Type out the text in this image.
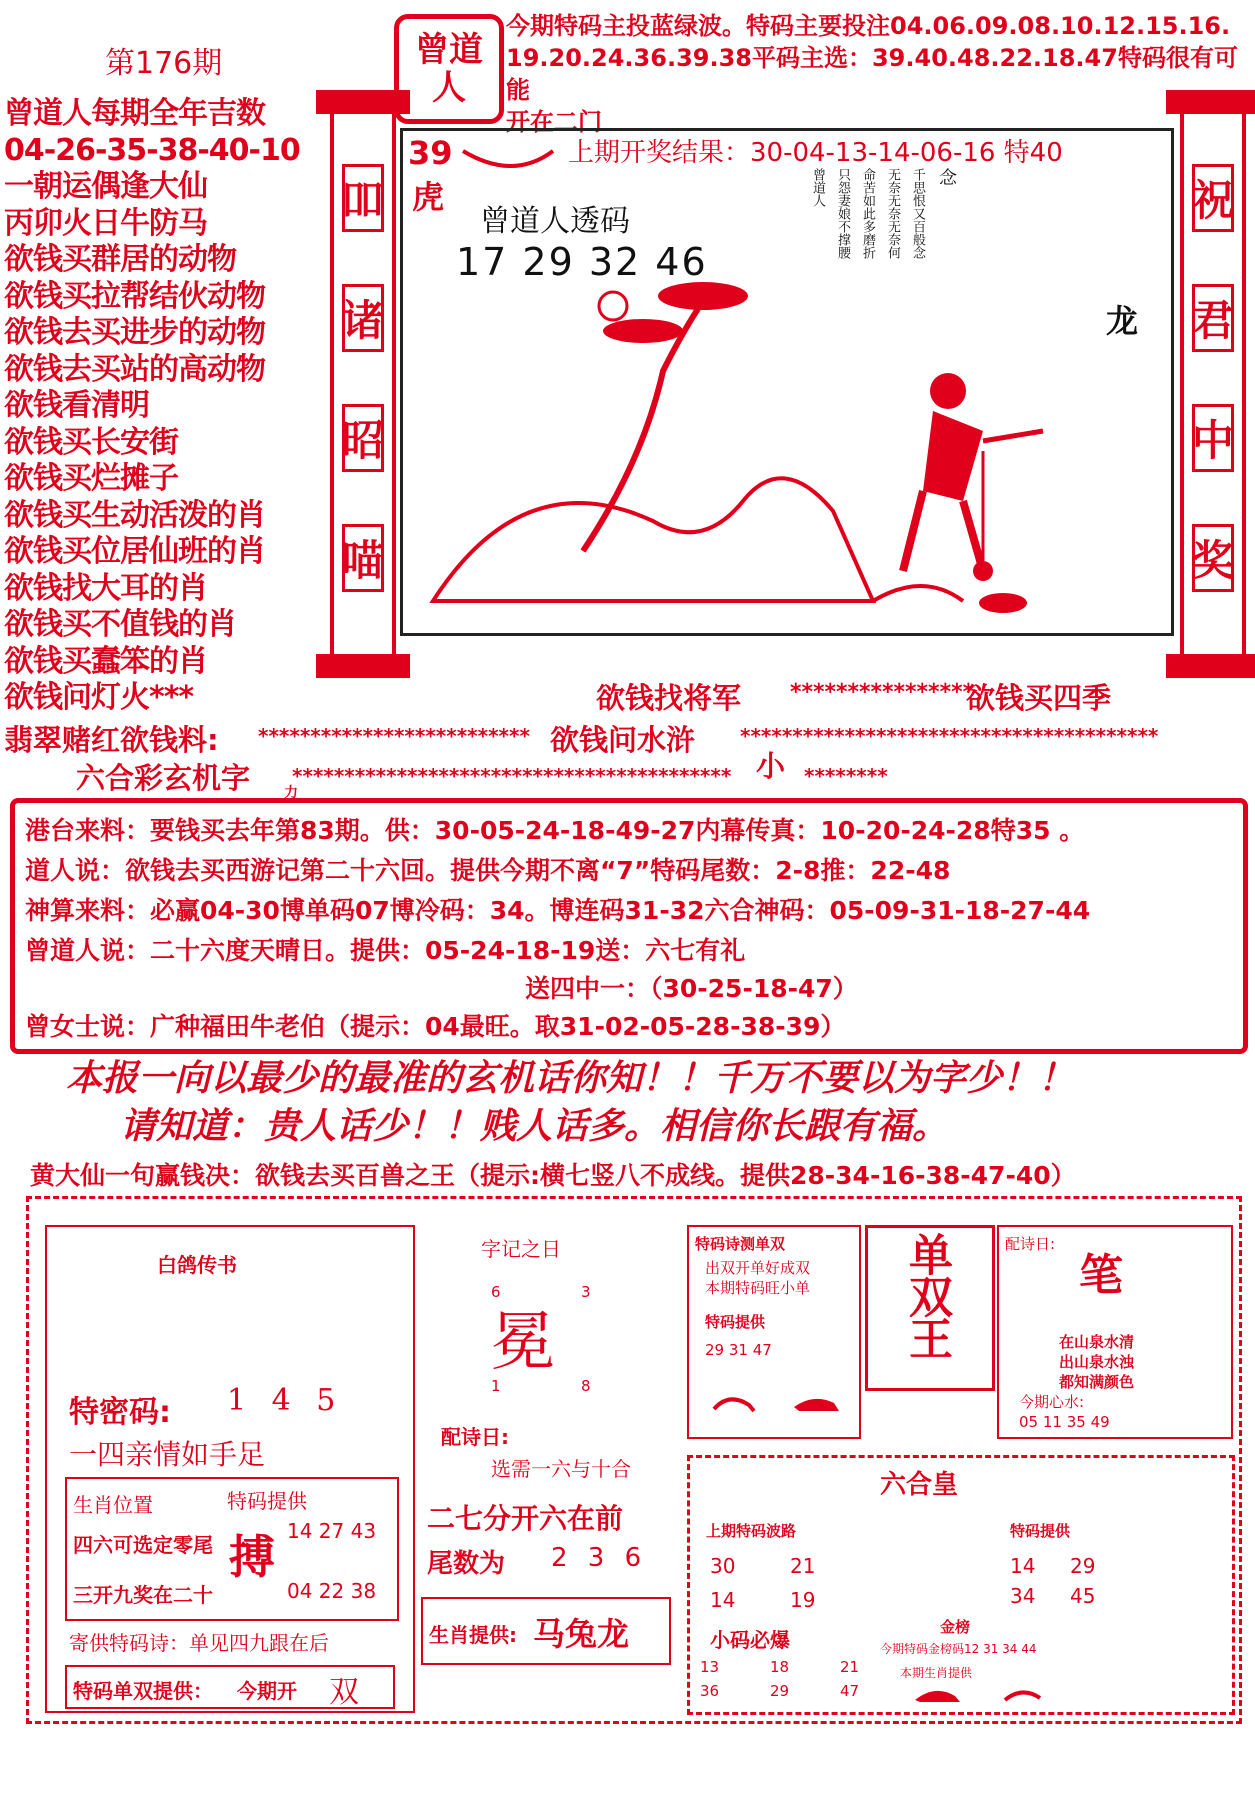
第176期	曾道人
今期特码主投蓝绿波。特码主要投注04.06.09.08.10.12.15.16.
19.20.24.36.39.38平码主选：39.40.48.22.18.47特码很有可能
开在二门
曾道人每期全年吉数
04-26-35-38-40-10
一朝运偶逢大仙
丙卯火日牛防马
欲钱买群居的动物
欲钱买拉帮结伙动物
欲钱去买进步的动物
欲钱去买站的高动物
欲钱看清明
欲钱买长安街
欲钱买烂摊子
欲钱买生动活泼的肖
欲钱买位居仙班的肖
欲钱找大耳的肖
欲钱买不值钱的肖
欲钱买蠢笨的肖
欲钱问灯火***
吅
诸
昭
喵
祝
君
中
奖
上期开奖结果：30-04-13-14-06-16 特40
39
虎
曾道人透码
17 29 32 46
龙
曾道人 只怨妻娘不撑腰 命苦如此多磨折 无奈无奈无奈何 千思恨又百般念 念
欲钱找将军 ****************
欲钱买四季
翡翠赌红欲钱料: ************************** 欲钱问水浒 ****************************************
六合彩玄机字 力
****************************************** 小 ********
港台来料：要钱买去年第83期。供：30-05-24-18-49-27内幕传真：10-20-24-28特35 。
道人说：欲钱去买西游记第二十六回。提供今期不离“7”特码尾数：2-8推：22-48
神算来料：必赢04-30博单码07博冷码：34。博连码31-32六合神码：05-09-31-18-27-44
曾道人说：二十六度天晴日。提供：05-24-18-19送：六七有礼
送四中一：（30-25-18-47）
曾女士说：广种福田牛老伯（提示：04最旺。取31-02-05-28-38-39）
本报一向以最少的最准的玄机话你知！！千万不要以为字少！！
请知道：贵人话少！！贱人话多。相信你长跟有福。
黄大仙一句赢钱决：欲钱去买百兽之王（提示:横七竖八不成线。提供28-34-16-38-47-40）
白鸽传书
特密码: 1 4 5
一四亲情如手足
生肖位置	特码提供
四六可选定零尾
三开九奖在二十
搏 14 27 43
04 22 38
寄供特码诗：单见四九跟在后
特码单双提供： 今期开 双
字记之日
冕
6	3
1	8
配诗日:
选需一六与十合
二七分开六在前
尾数为 2 3 6
生肖提供: 马兔龙
特码诗测单双
出双开单好成双
本期特码旺小单
特码提供
29 31 47	单双王	配诗日:
笔
在山泉水清
出山泉水浊
都知满颜色
今期心水:
05 11 35 49
六合皇
上期特码波路
30	21
14	19
小码必爆
13	18	21
36	29	47
特码提供
14 29
34 45
金榜
今期特码金榜码12 31 34 44
本期生肖提供
